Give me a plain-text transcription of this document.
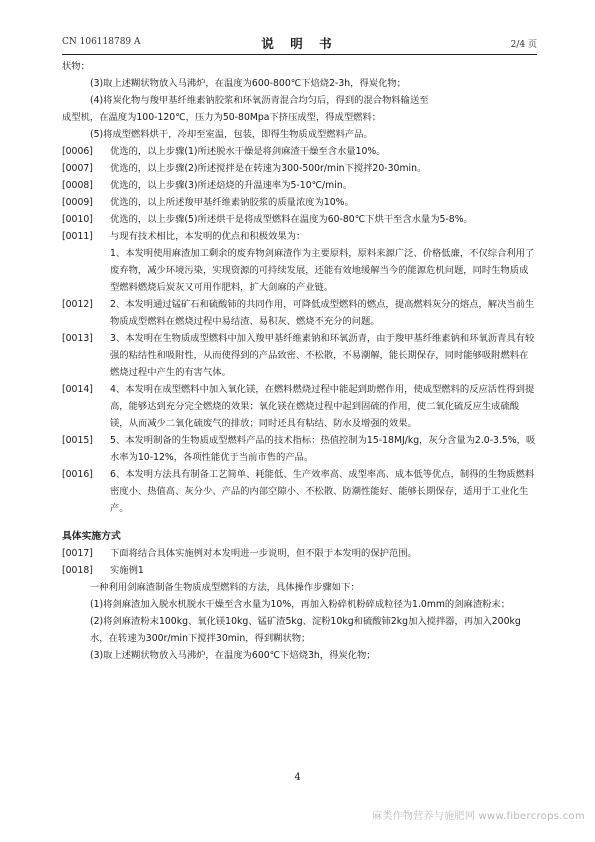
CN 106118789 A	说 明 书	2/4 页

状物；

(3)取上述糊状物放入马沸炉，在温度为600-800℃下焙烧2-3h，得炭化物；

(4)将炭化物与羧甲基纤维素钠胶浆和环氧沥青混合均匀后，得到的混合物料输送至

成型机，在温度为100-120℃，压力为50-80Mpa下挤压成型，得成型燃料；

(5)将成型燃料烘干，冷却至室温，包装，即得生物质成型燃料产品。

[0006] 优选的，以上步骤(1)所述脱水干燥是将剑麻渣干燥至含水量10%。
[0007] 优选的，以上步骤(2)所述搅拌是在转速为300-500r/min下搅拌20-30min。
[0008] 优选的，以上步骤(3)所述焙烧的升温速率为5-10℃/min。
[0009] 优选的，以上所述羧甲基纤维素钠胶浆的质量浓度为10%。
[0010] 优选的，以上步骤(5)所述烘干是将成型燃料在温度为60-80℃下烘干至含水量为5-8%。
[0011] 与现有技术相比，本发明的优点和积极效果为：

1、本发明使用麻渣加工剩余的废弃物剑麻渣作为主要原料，原料来源广泛、价格低廉，不仅综合利用了废弃物，减少环境污染，实现资源的可持续发展，还能有效地缓解当今的能源危机问题，同时生物质成型燃料燃烧后炭灰又可用作肥料，扩大剑麻的产业链。

[0012] 2、本发明通过锰矿石和硫酸铈的共同作用，可降低成型燃料的燃点，提高燃料灰分的熔点，解决当前生物质成型燃料在燃烧过程中易结渣、易积灰、燃烧不充分的问题。
[0013] 3、本发明在生物质成型燃料中加入羧甲基纤维素钠和环氧沥青，由于羧甲基纤维素钠和环氧沥青具有较强的粘结性和吸附性，从而使得到的产品致密、不松散，不易潮解，能长期保存，同时能够吸附燃料在燃烧过程中产生的有害气体。
[0014] 4、本发明在成型燃料中加入氧化镁，在燃料燃烧过程中能起到助燃作用，使成型燃料的反应活性得到提高，能够达到充分完全燃烧的效果；氧化镁在燃烧过程中起到固硫的作用，使二氧化硫反应生成硫酸镁，从而减少二氧化硫废气的排放；同时还具有粘结、防水及增强的效果。
[0015] 5、本发明制备的生物质成型燃料产品的技术指标：热值控制为15-18MJ/kg，灰分含量为2.0-3.5%，吸水率为10-12%，各项性能优于当前市售的产品。
[0016] 6、本发明方法具有制备工艺简单、耗能低、生产效率高、成型率高、成本低等优点，制得的生物质燃料密度小、热值高、灰分少、产品的内部空隙小、不松散、防潮性能好、能够长期保存，适用于工业化生产。

具体实施方式

[0017] 下面将结合具体实施例对本发明进一步说明，但不限于本发明的保护范围。
[0018] 实施例1

一种利用剑麻渣制备生物质成型燃料的方法，具体操作步骤如下：

(1)将剑麻渣加入脱水机脱水干燥至含水量为10%，再加入粉碎机粉碎成粒径为1.0mm的剑麻渣粉末；

(2)将剑麻渣粉末100kg、氧化镁10kg、锰矿渣5kg、淀粉10kg和硫酸铈2kg加入搅拌器，再加入200kg水，在转速为300r/min下搅拌30min，得到糊状物；

(3)取上述糊状物放入马沸炉，在温度为600℃下焙烧3h，得炭化物；

4
麻类作物营养与施肥网 www.fibercrops.com
